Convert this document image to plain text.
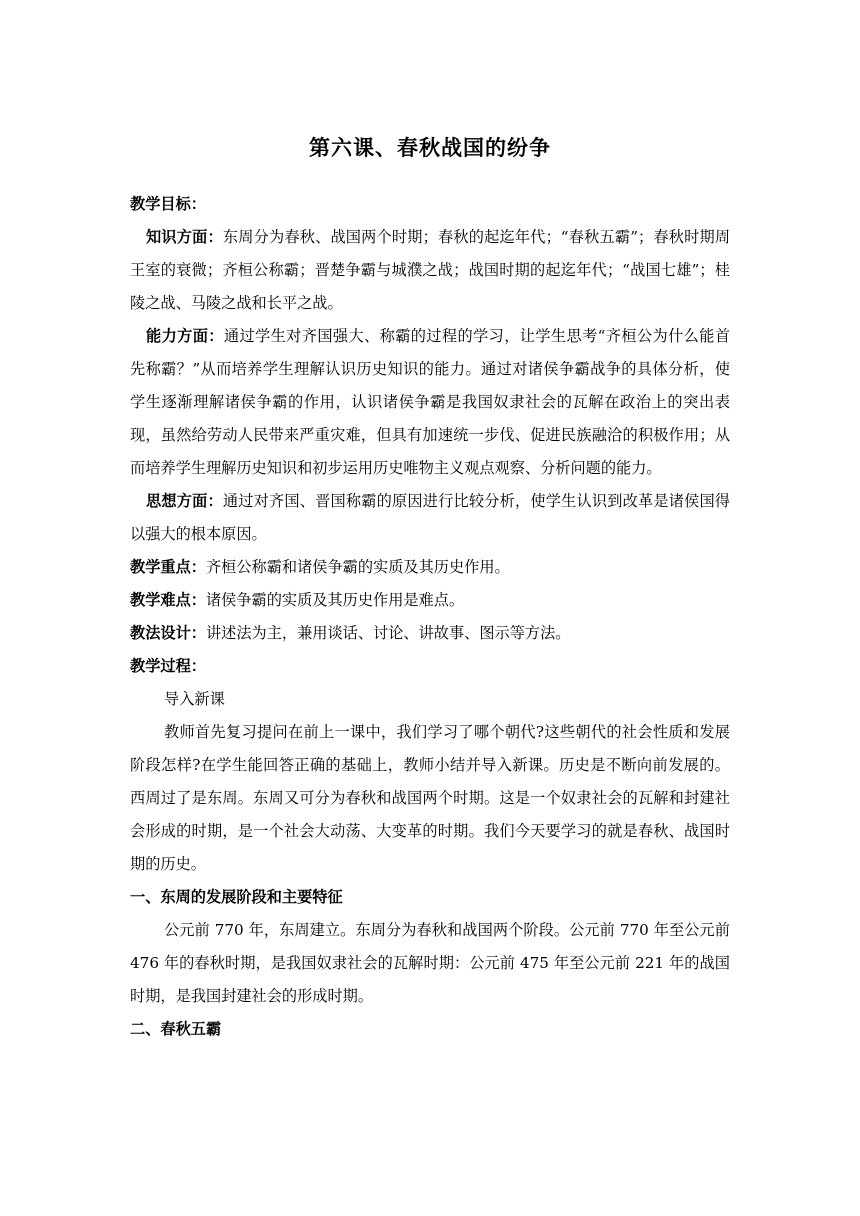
第六课、春秋战国的纷争

教学目标：

知识方面：东周分为春秋、战国两个时期；春秋的起迄年代；“春秋五霸”；春秋时期周王室的衰微；齐桓公称霸；晋楚争霸与城濮之战；战国时期的起迄年代；“战国七雄”；桂陵之战、马陵之战和长平之战。

能力方面：通过学生对齐国强大、称霸的过程的学习，让学生思考“齐桓公为什么能首先称霸？”从而培养学生理解认识历史知识的能力。通过对诸侯争霸战争的具体分析，使学生逐渐理解诸侯争霸的作用，认识诸侯争霸是我国奴隶社会的瓦解在政治上的突出表现，虽然给劳动人民带来严重灾难，但具有加速统一步伐、促进民族融洽的积极作用；从而培养学生理解历史知识和初步运用历史唯物主义观点观察、分析问题的能力。

思想方面：通过对齐国、晋国称霸的原因进行比较分析，使学生认识到改革是诸侯国得以强大的根本原因。

教学重点：齐桓公称霸和诸侯争霸的实质及其历史作用。

教学难点：诸侯争霸的实质及其历史作用是难点。

教法设计：讲述法为主，兼用谈话、讨论、讲故事、图示等方法。

教学过程：

导入新课

教师首先复习提问在前上一课中，我们学习了哪个朝代?这些朝代的社会性质和发展阶段怎样?在学生能回答正确的基础上，教师小结并导入新课。历史是不断向前发展的。西周过了是东周。东周又可分为春秋和战国两个时期。这是一个奴隶社会的瓦解和封建社会形成的时期，是一个社会大动荡、大变革的时期。我们今天要学习的就是春秋、战国时期的历史。

一、东周的发展阶段和主要特征

公元前 770 年，东周建立。东周分为春秋和战国两个阶段。公元前 770 年至公元前 476 年的春秋时期，是我国奴隶社会的瓦解时期：公元前 475 年至公元前 221 年的战国时期，是我国封建社会的形成时期。

二、春秋五霸
